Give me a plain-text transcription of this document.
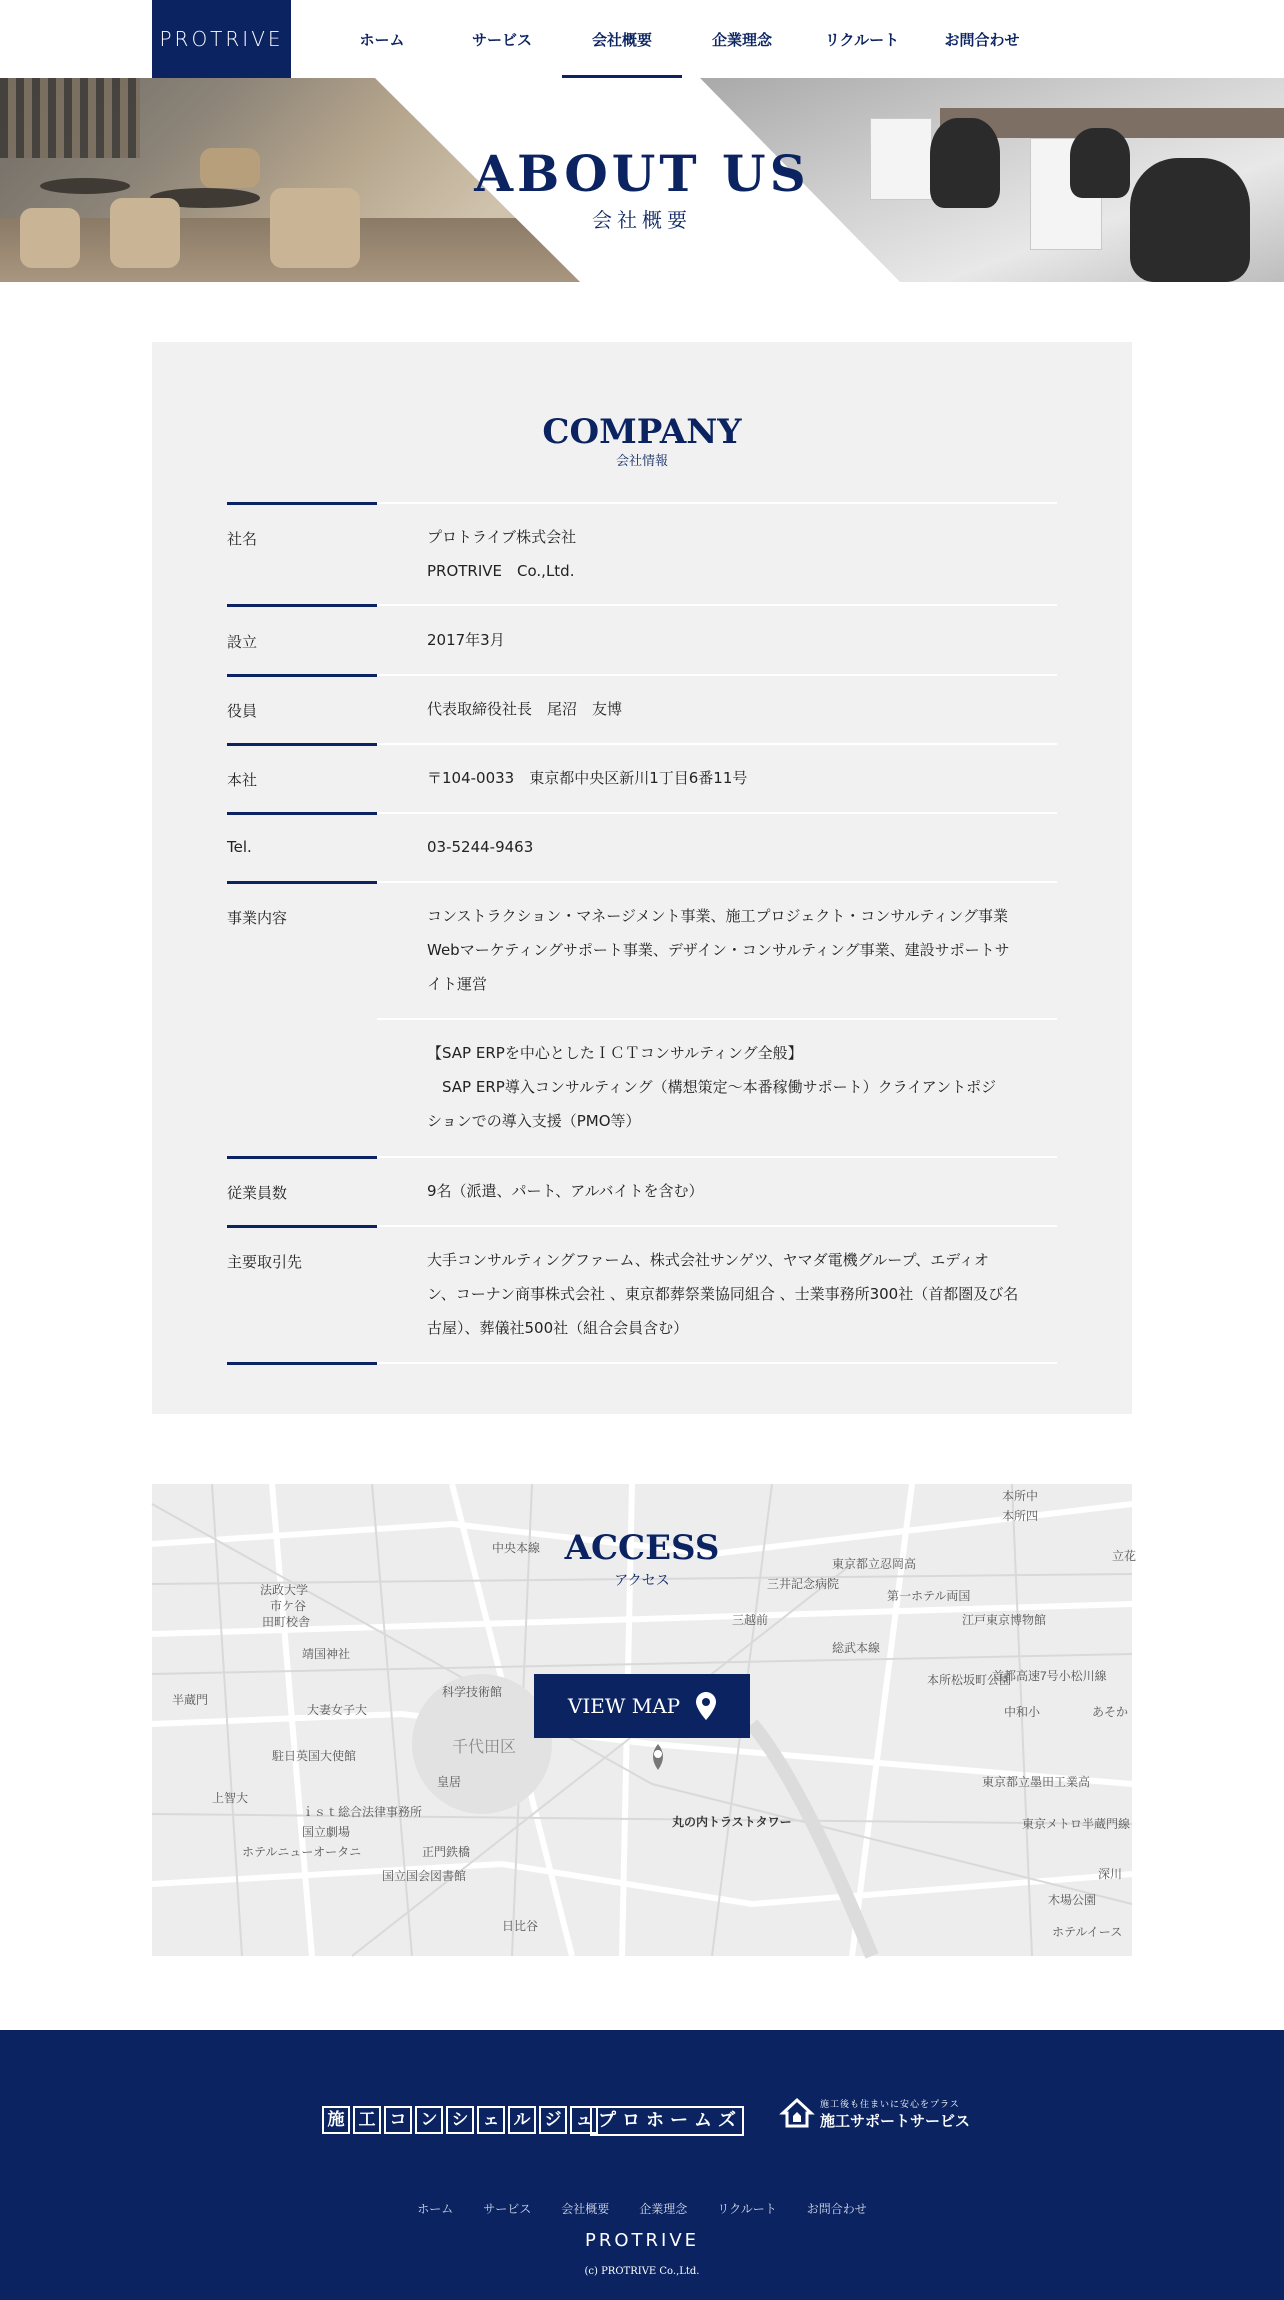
PROTRIVE	ホーム	サービス	会社概要	企業理念	リクルート	お問合わせ
ABOUT US
会社概要
COMPANY
会社情報
社名	プロトライブ株式会社
PROTRIVE　Co.,Ltd.
設立	2017年3月
役員	代表取締役社長　尾沼　友博
本社	〒104-0033　東京都中央区新川1丁目6番11号
Tel.	03-5244-9463
事業内容	コンストラクション・マネージメント事業、施工プロジェクト・コンサルティング事業
Webマーケティングサポート事業、デザイン・コンサルティング事業、建設サポートサ
イト運営
【SAP ERPを中心としたＩＣＴコンサルティング全般】
　SAP ERP導入コンサルティング（構想策定～本番稼働サポート）クライアントポジ
ションでの導入支援（PMO等）
従業員数	9名（派遣、パート、アルバイトを含む）
主要取引先	大手コンサルティングファーム、株式会社サンゲツ、ヤマダ電機グループ、エディオ
ン、コーナン商事株式会社 、東京都葬祭業協同組合 、士業事務所300社（首都圏及び名
古屋）、葬儀社500社（組合会員含む）
本所中
本所四
中央本線
法政大学
市ケ谷
田町校舎
靖国神社
大妻女子大
科学技術館
千代田区
皇居
駐日英国大使館
上智大
国立劇場
ホテルニューオータニ	正門鉄橋
国立国会図書館
丸の内トラストタワー
東京都立忍岡高
三井記念病院
第一ホテル両国
江戸東京博物館
本所松坂町公園
中和小
東京都立墨田工業高
東京メトロ半蔵門線
木場公園
ホテルイース
深川
あそか
立花
ｉｓｔ総合法律事務所
総武本線
三越前
首都高速7号小松川線
半蔵門
日比谷
ACCESS
アクセス
VIEW MAP
施 工 コ ン シ ェ ル ジ ュ プ ロ ホ ー ム ズ
施工後も住まいに安心をプラス
施工サポートサービス
ホーム	サービス	会社概要	企業理念	リクルート	お問合わせ
PROTRIVE
(c) PROTRIVE Co.,Ltd.
